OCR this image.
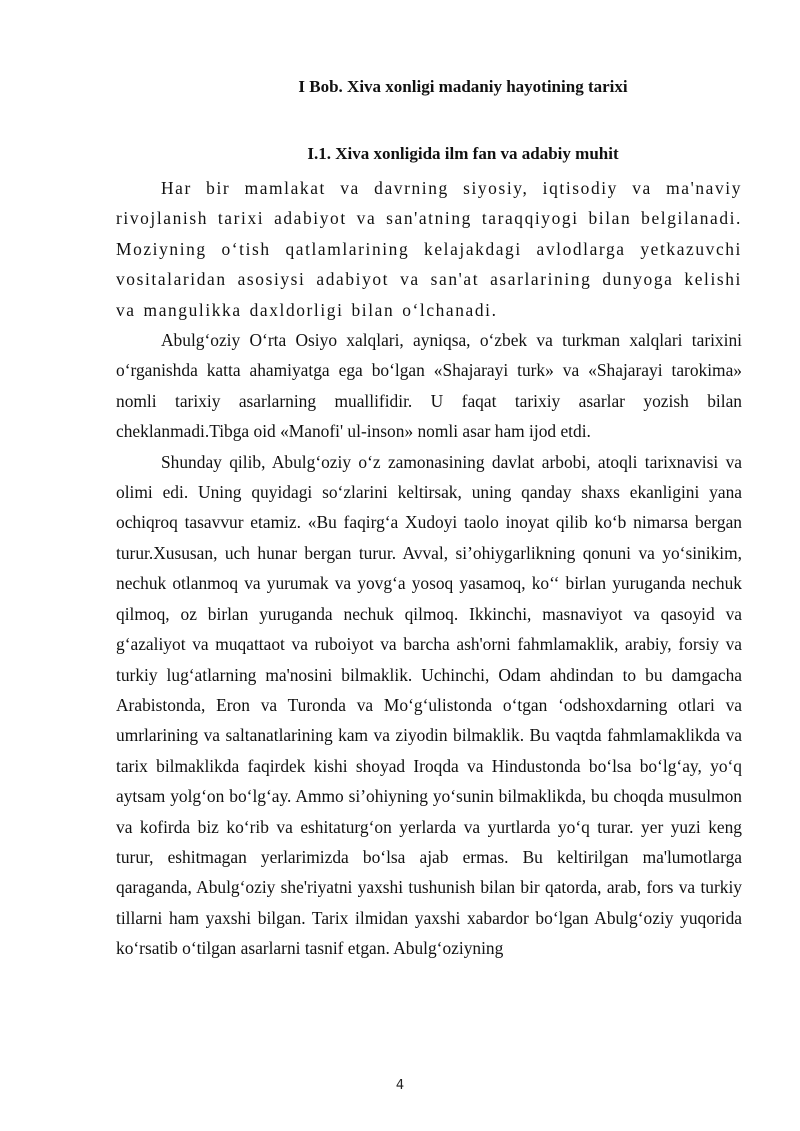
I Bob. Xiva xonligi madaniy hayotining tarixi
I.1. Xiva xonligida ilm fan va adabiy muhit

Har bir mamlakat va davrning siyosiy, iqtisodiy va ma'naviy rivojlanish tarixi adabiyot va san'atning taraqqiyogi bilan belgilanadi. Moziyning o‘tish qatlamlarining kelajakdagi avlodlarga yetkazuvchi vositalaridan asosiysi adabiyot va san'at asarlarining dunyoga kelishi va mangulikka daxldorligi bilan o‘lchanadi.

Abulg‘oziy O‘rta Osiyo xalqlari, ayniqsa, o‘zbek va turkman xalqlari tarixini o‘rganishda katta ahamiyatga ega bo‘lgan «Shajarayi turk» va «Shajarayi tarokima» nomli tarixiy asarlarning muallifidir. U faqat tarixiy asarlar yozish bilan cheklanmadi.Tibga oid «Manofi' ul-inson» nomli asar ham ijod etdi.

Shunday qilib, Abulg‘oziy o‘z zamonasining davlat arbobi, atoqli tarixnavisi va olimi edi. Uning quyidagi so‘zlarini keltirsak, uning qanday shaxs ekanligini yana ochiqroq tasavvur etamiz. «Bu faqirg‘a Xudoyi taolo inoyat qilib ko‘b nimarsa bergan turur.Xususan, uch hunar bergan turur. Avval, si’ohiygarlikning qonuni va yo‘sinikim, nechuk otlanmoq va yurumak va yovg‘a yosoq yasamoq, ko‘‘ birlan yuruganda nechuk qilmoq, oz birlan yuruganda nechuk qilmoq. Ikkinchi, masnaviyot va qasoyid va g‘azaliyot va muqattaot va ruboiyot va barcha ash'orni fahmlamaklik, arabiy, forsiy va turkiy lug‘atlarning ma'nosini bilmaklik. Uchinchi, Odam ahdindan to bu damgacha Arabistonda, Eron va Turonda va Mo‘g‘ulistonda o‘tgan ‘odshoxdarning otlari va umrlarining va saltanatlarining kam va ziyodin bilmaklik. Bu vaqtda fahmlamaklikda va tarix bilmaklikda faqirdek kishi shoyad Iroqda va Hindustonda bo‘lsa bo‘lg‘ay, yo‘q aytsam yolg‘on bo‘lg‘ay. Ammo si’ohiyning yo‘sunin bilmaklikda, bu choqda musulmon va kofirda biz ko‘rib va eshitaturg‘on yerlarda va yurtlarda yo‘q turar. yer yuzi keng turur, eshitmagan yerlarimizda bo‘lsa ajab ermas. Bu keltirilgan ma'lumotlarga qaraganda, Abulg‘oziy she'riyatni yaxshi tushunish bilan bir qatorda, arab, fors va turkiy tillarni ham yaxshi bilgan. Tarix ilmidan yaxshi xabardor bo‘lgan Abulg‘oziy yuqorida ko‘rsatib o‘tilgan asarlarni tasnif etgan. Abulg‘oziyning

4
